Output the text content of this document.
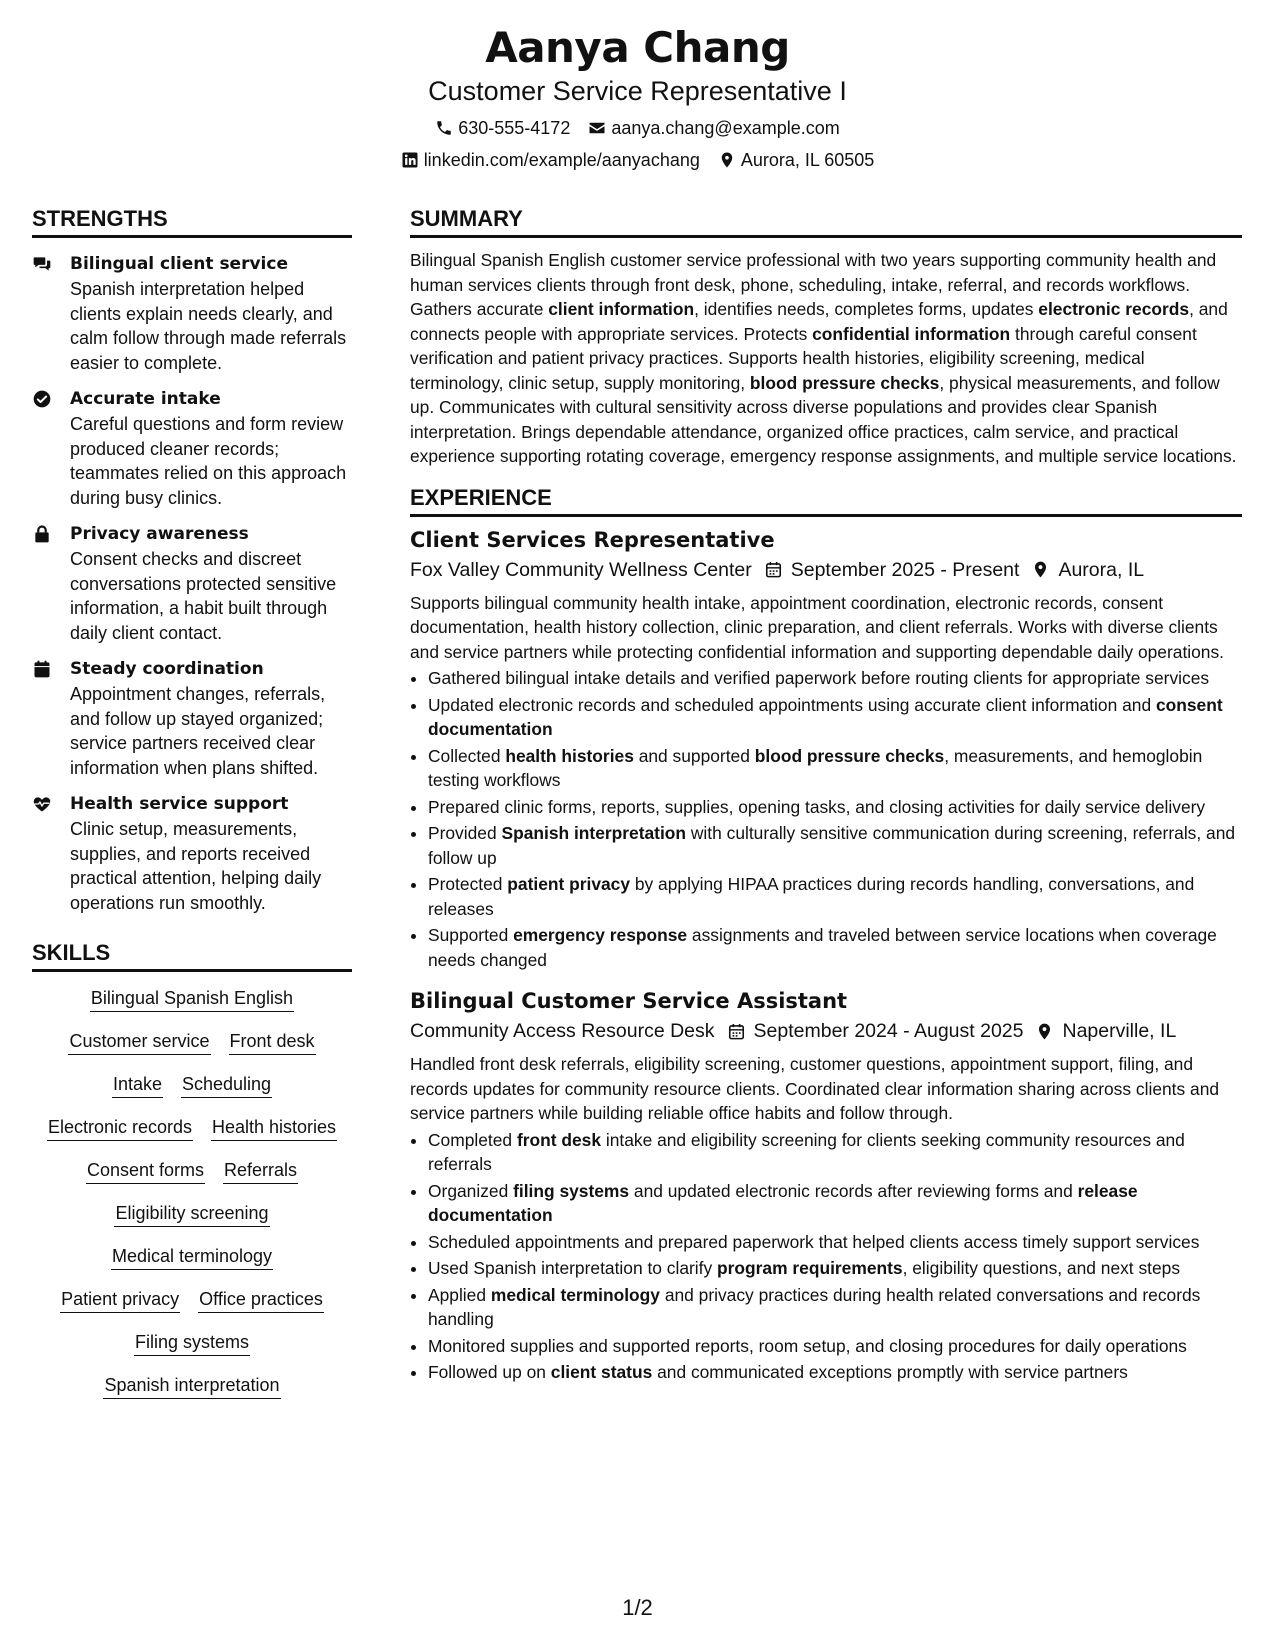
Aanya Chang
Customer Service Representative I
630-555-4172 aanya.chang@example.com
linkedin.com/example/aanyachang Aurora, IL 60505
STRENGTHS
Bilingual client service
Spanish interpretation helped clients explain needs clearly, and calm follow through made referrals easier to complete.
Accurate intake
Careful questions and form review produced cleaner records; teammates relied on this approach during busy clinics.
Privacy awareness
Consent checks and discreet conversations protected sensitive information, a habit built through daily client contact.
Steady coordination
Appointment changes, referrals, and follow up stayed organized; service partners received clear information when plans shifted.
Health service support
Clinic setup, measurements, supplies, and reports received practical attention, helping daily operations run smoothly.
SKILLS
Bilingual Spanish English
Customer service Front desk
Intake Scheduling
Electronic records Health histories
Consent forms Referrals
Eligibility screening
Medical terminology
Patient privacy Office practices
Filing systems
Spanish interpretation
SUMMARY

Bilingual Spanish English customer service professional with two years supporting community health and human services clients through front desk, phone, scheduling, intake, referral, and records workflows. Gathers accurate client information, identifies needs, completes forms, updates electronic records, and connects people with appropriate services. Protects confidential information through careful consent verification and patient privacy practices. Supports health histories, eligibility screening, medical terminology, clinic setup, supply monitoring, blood pressure checks, physical measurements, and follow up. Communicates with cultural sensitivity across diverse populations and provides clear Spanish interpretation. Brings dependable attendance, organized office practices, calm service, and practical experience supporting rotating coverage, emergency response assignments, and multiple service locations.

EXPERIENCE
Client Services Representative
Fox Valley Community Wellness Center September 2025 - Present Aurora, IL
Supports bilingual community health intake, appointment coordination, electronic records, consent documentation, health history collection, clinic preparation, and client referrals. Works with diverse clients and service partners while protecting confidential information and supporting dependable daily operations.
• Gathered bilingual intake details and verified paperwork before routing clients for appropriate services
• Updated electronic records and scheduled appointments using accurate client information and consent documentation
• Collected health histories and supported blood pressure checks, measurements, and hemoglobin testing workflows
• Prepared clinic forms, reports, supplies, opening tasks, and closing activities for daily service delivery
• Provided Spanish interpretation with culturally sensitive communication during screening, referrals, and follow up
• Protected patient privacy by applying HIPAA practices during records handling, conversations, and releases
• Supported emergency response assignments and traveled between service locations when coverage needs changed
Bilingual Customer Service Assistant
Community Access Resource Desk September 2024 - August 2025 Naperville, IL
Handled front desk referrals, eligibility screening, customer questions, appointment support, filing, and records updates for community resource clients. Coordinated clear information sharing across clients and service partners while building reliable office habits and follow through.
• Completed front desk intake and eligibility screening for clients seeking community resources and referrals
• Organized filing systems and updated electronic records after reviewing forms and release documentation
• Scheduled appointments and prepared paperwork that helped clients access timely support services
• Used Spanish interpretation to clarify program requirements, eligibility questions, and next steps
• Applied medical terminology and privacy practices during health related conversations and records handling
• Monitored supplies and supported reports, room setup, and closing procedures for daily operations
• Followed up on client status and communicated exceptions promptly with service partners
1/2
